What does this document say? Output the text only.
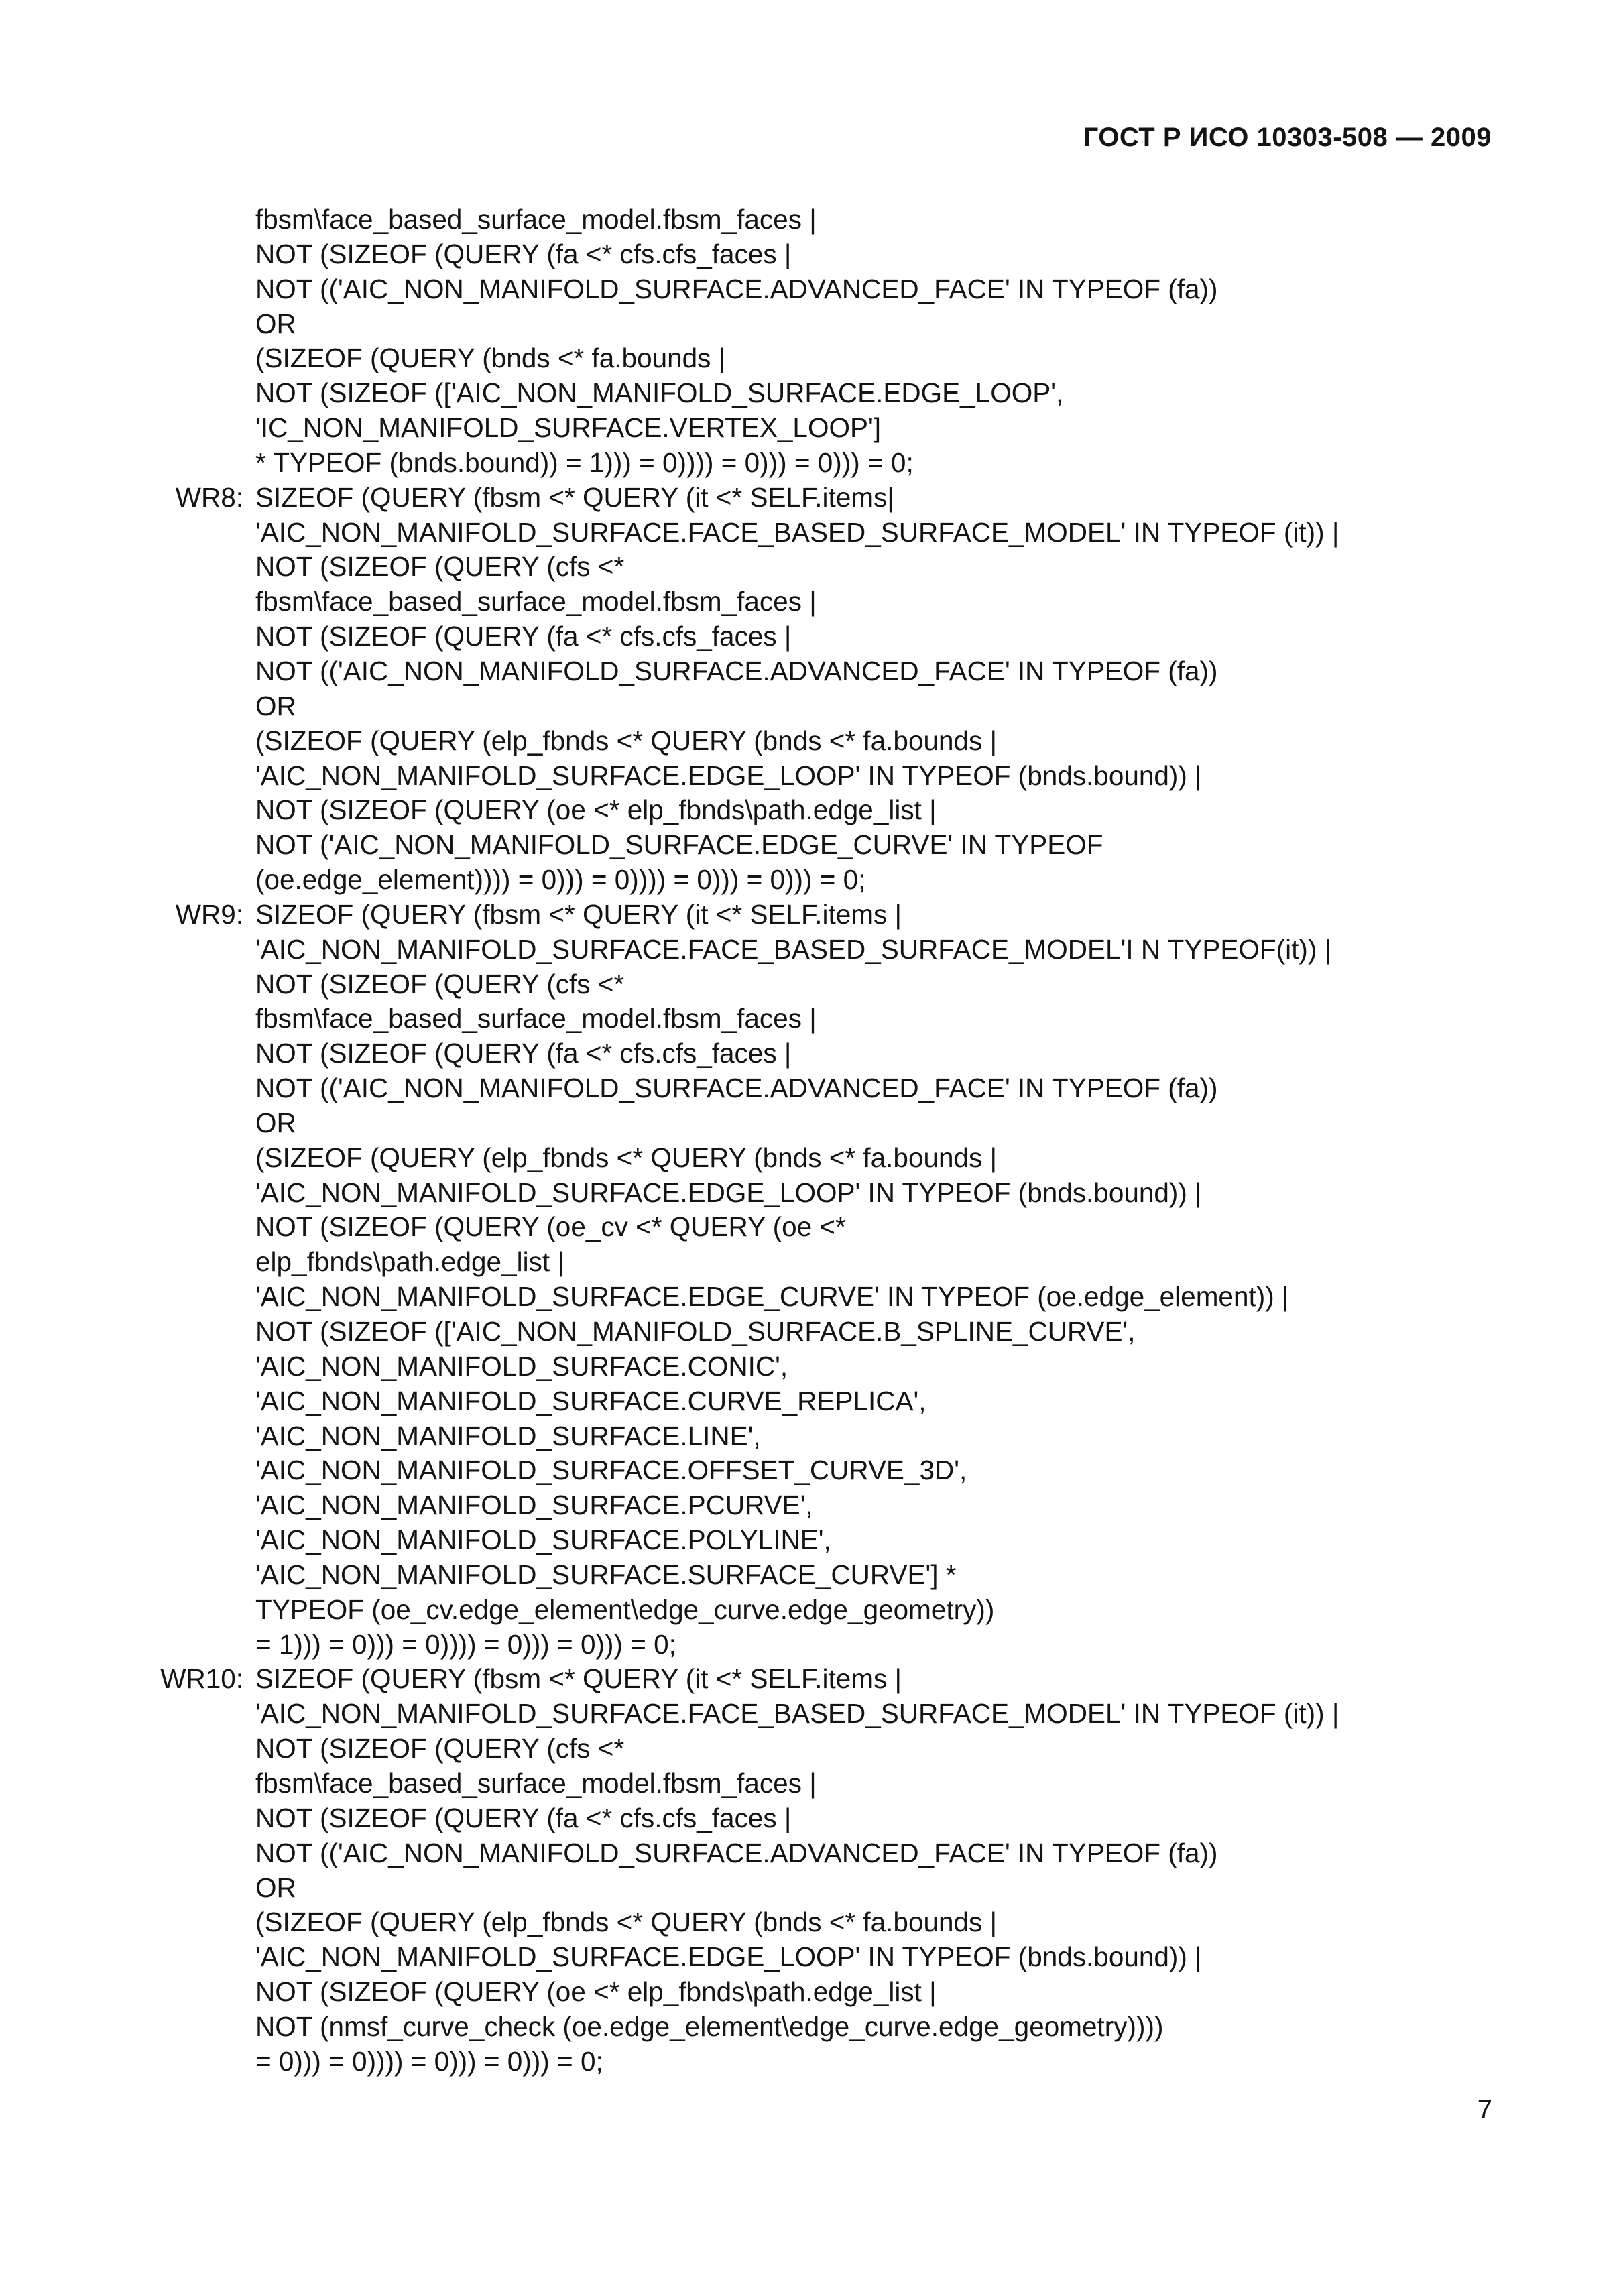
ГОСТ Р ИСО 10303-508 — 2009
fbsm\face_based_surface_model.fbsm_faces |
NOT (SIZEOF (QUERY (fa <* cfs.cfs_faces |
NOT (('AIC_NON_MANIFOLD_SURFACE.ADVANCED_FACE' IN TYPEOF (fa))
OR
(SIZEOF (QUERY (bnds <* fa.bounds |
NOT (SIZEOF (['AIC_NON_MANIFOLD_SURFACE.EDGE_LOOP',
'IC_NON_MANIFOLD_SURFACE.VERTEX_LOOP']
* TYPEOF (bnds.bound)) = 1))) = 0)))) = 0))) = 0))) = 0;
WR8: SIZEOF (QUERY (fbsm <* QUERY (it <* SELF.items|
'AIC_NON_MANIFOLD_SURFACE.FACE_BASED_SURFACE_MODEL' IN TYPEOF (it)) |
NOT (SIZEOF (QUERY (cfs <*
fbsm\face_based_surface_model.fbsm_faces |
NOT (SIZEOF (QUERY (fa <* cfs.cfs_faces |
NOT (('AIC_NON_MANIFOLD_SURFACE.ADVANCED_FACE' IN TYPEOF (fa))
OR
(SIZEOF (QUERY (elp_fbnds <* QUERY (bnds <* fa.bounds |
'AIC_NON_MANIFOLD_SURFACE.EDGE_LOOP' IN TYPEOF (bnds.bound)) |
NOT (SIZEOF (QUERY (oe <* elp_fbnds\path.edge_list |
NOT ('AIC_NON_MANIFOLD_SURFACE.EDGE_CURVE' IN TYPEOF
(oe.edge_element)))) = 0))) = 0)))) = 0))) = 0))) = 0;
WR9: SIZEOF (QUERY (fbsm <* QUERY (it <* SELF.items |
'AIC_NON_MANIFOLD_SURFACE.FACE_BASED_SURFACE_MODEL'I N TYPEOF(it)) |
NOT (SIZEOF (QUERY (cfs <*
fbsm\face_based_surface_model.fbsm_faces |
NOT (SIZEOF (QUERY (fa <* cfs.cfs_faces |
NOT (('AIC_NON_MANIFOLD_SURFACE.ADVANCED_FACE' IN TYPEOF (fa))
OR
(SIZEOF (QUERY (elp_fbnds <* QUERY (bnds <* fa.bounds |
'AIC_NON_MANIFOLD_SURFACE.EDGE_LOOP' IN TYPEOF (bnds.bound)) |
NOT (SIZEOF (QUERY (oe_cv <* QUERY (oe <*
elp_fbnds\path.edge_list |
'AIC_NON_MANIFOLD_SURFACE.EDGE_CURVE' IN TYPEOF (oe.edge_element)) |
NOT (SIZEOF (['AIC_NON_MANIFOLD_SURFACE.B_SPLINE_CURVE',
'AIC_NON_MANIFOLD_SURFACE.CONIC',
'AIC_NON_MANIFOLD_SURFACE.CURVE_REPLICA',
'AIC_NON_MANIFOLD_SURFACE.LINE',
'AIC_NON_MANIFOLD_SURFACE.OFFSET_CURVE_3D',
'AIC_NON_MANIFOLD_SURFACE.PCURVE',
'AIC_NON_MANIFOLD_SURFACE.POLYLINE',
'AIC_NON_MANIFOLD_SURFACE.SURFACE_CURVE'] *
TYPEOF (oe_cv.edge_element\edge_curve.edge_geometry))
= 1))) = 0))) = 0)))) = 0))) = 0))) = 0;
WR10: SIZEOF (QUERY (fbsm <* QUERY (it <* SELF.items |
'AIC_NON_MANIFOLD_SURFACE.FACE_BASED_SURFACE_MODEL' IN TYPEOF (it)) |
NOT (SIZEOF (QUERY (cfs <*
fbsm\face_based_surface_model.fbsm_faces |
NOT (SIZEOF (QUERY (fa <* cfs.cfs_faces |
NOT (('AIC_NON_MANIFOLD_SURFACE.ADVANCED_FACE' IN TYPEOF (fa))
OR
(SIZEOF (QUERY (elp_fbnds <* QUERY (bnds <* fa.bounds |
'AIC_NON_MANIFOLD_SURFACE.EDGE_LOOP' IN TYPEOF (bnds.bound)) |
NOT (SIZEOF (QUERY (oe <* elp_fbnds\path.edge_list |
NOT (nmsf_curve_check (oe.edge_element\edge_curve.edge_geometry))))
= 0))) = 0)))) = 0))) = 0))) = 0;
7
